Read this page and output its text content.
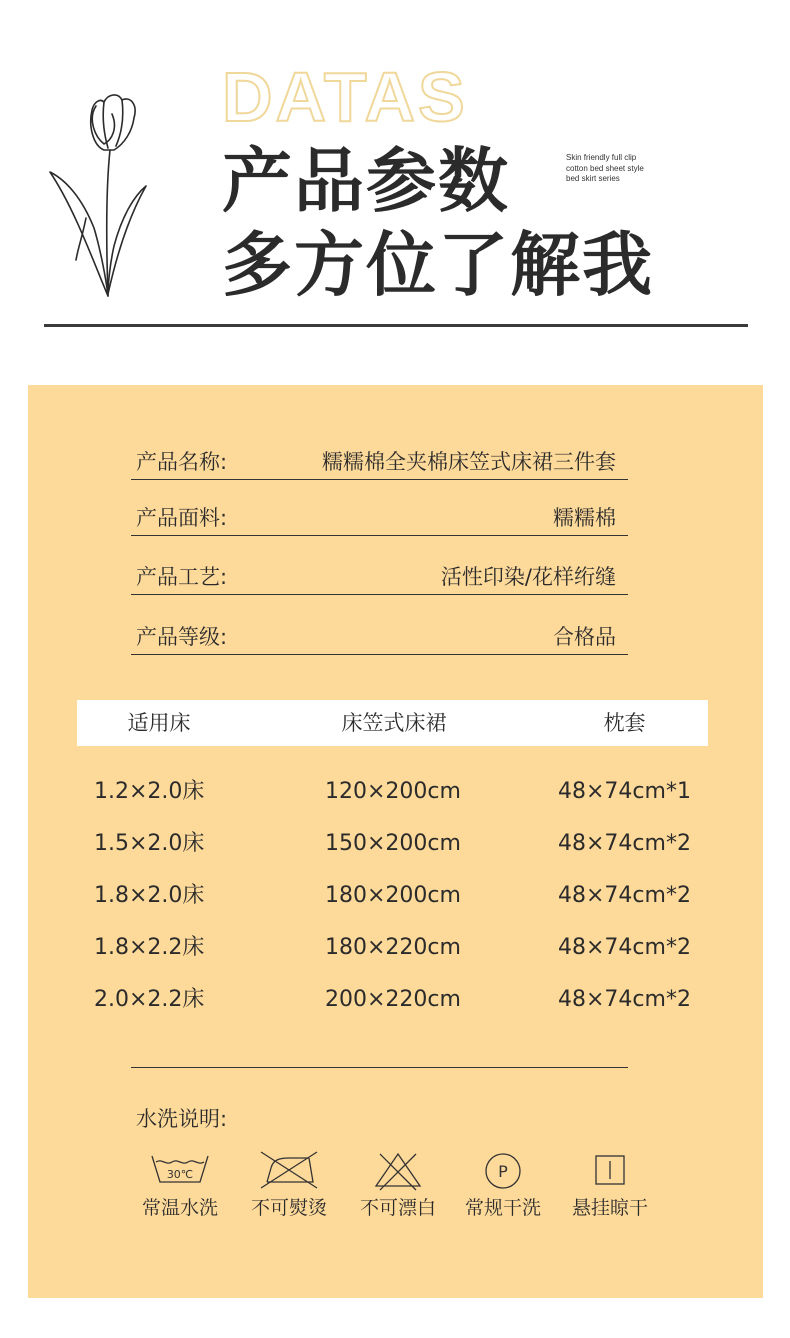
DATAS
产品参数
多方位了解我
Skin friendly full clip
cotton bed sheet style
bed skirt series
产品名称:	糯糯棉全夹棉床笠式床裙三件套
产品面料:	糯糯棉
产品工艺:	活性印染/花样绗缝
产品等级:	合格品
适用床	床笠式床裙	枕套
1.2×2.0床	120×200cm	48×74cm*1
1.5×2.0床	150×200cm	48×74cm*2
1.8×2.0床	180×200cm	48×74cm*2
1.8×2.2床	180×220cm	48×74cm*2
2.0×2.2床	200×220cm	48×74cm*2
水洗说明:
30℃
常温水洗	不可熨烫	不可漂白
P
常规干洗	悬挂晾干
